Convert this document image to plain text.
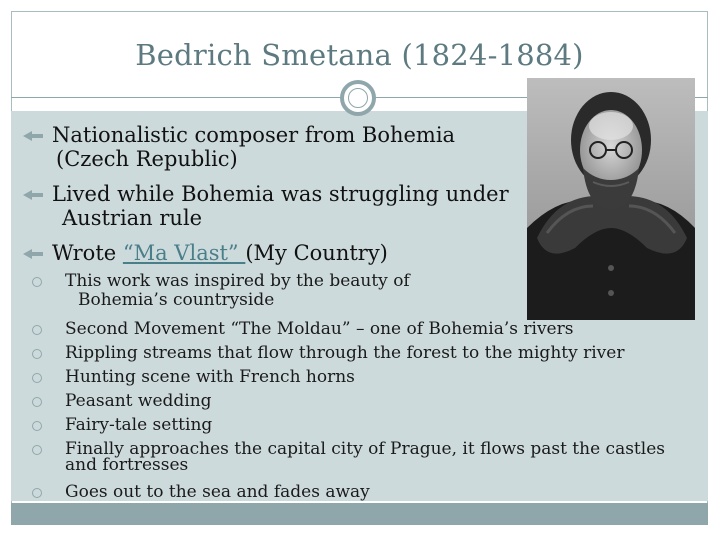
Bedrich Smetana (1824-1884)
Nationalistic composer from Bohemia
(Czech Republic)
Lived while Bohemia was struggling under
Austrian rule
Wrote “Ma Vlast” (My Country)
This work was inspired by the beauty of
Bohemia’s countryside
Second Movement “The Moldau” – one of Bohemia’s rivers
Rippling streams that flow through the forest to the mighty river
Hunting scene with French horns
Peasant wedding
Fairy-tale setting
Finally approaches the capital city of Prague, it flows past the castles
and fortresses
Goes out to the sea and fades away
